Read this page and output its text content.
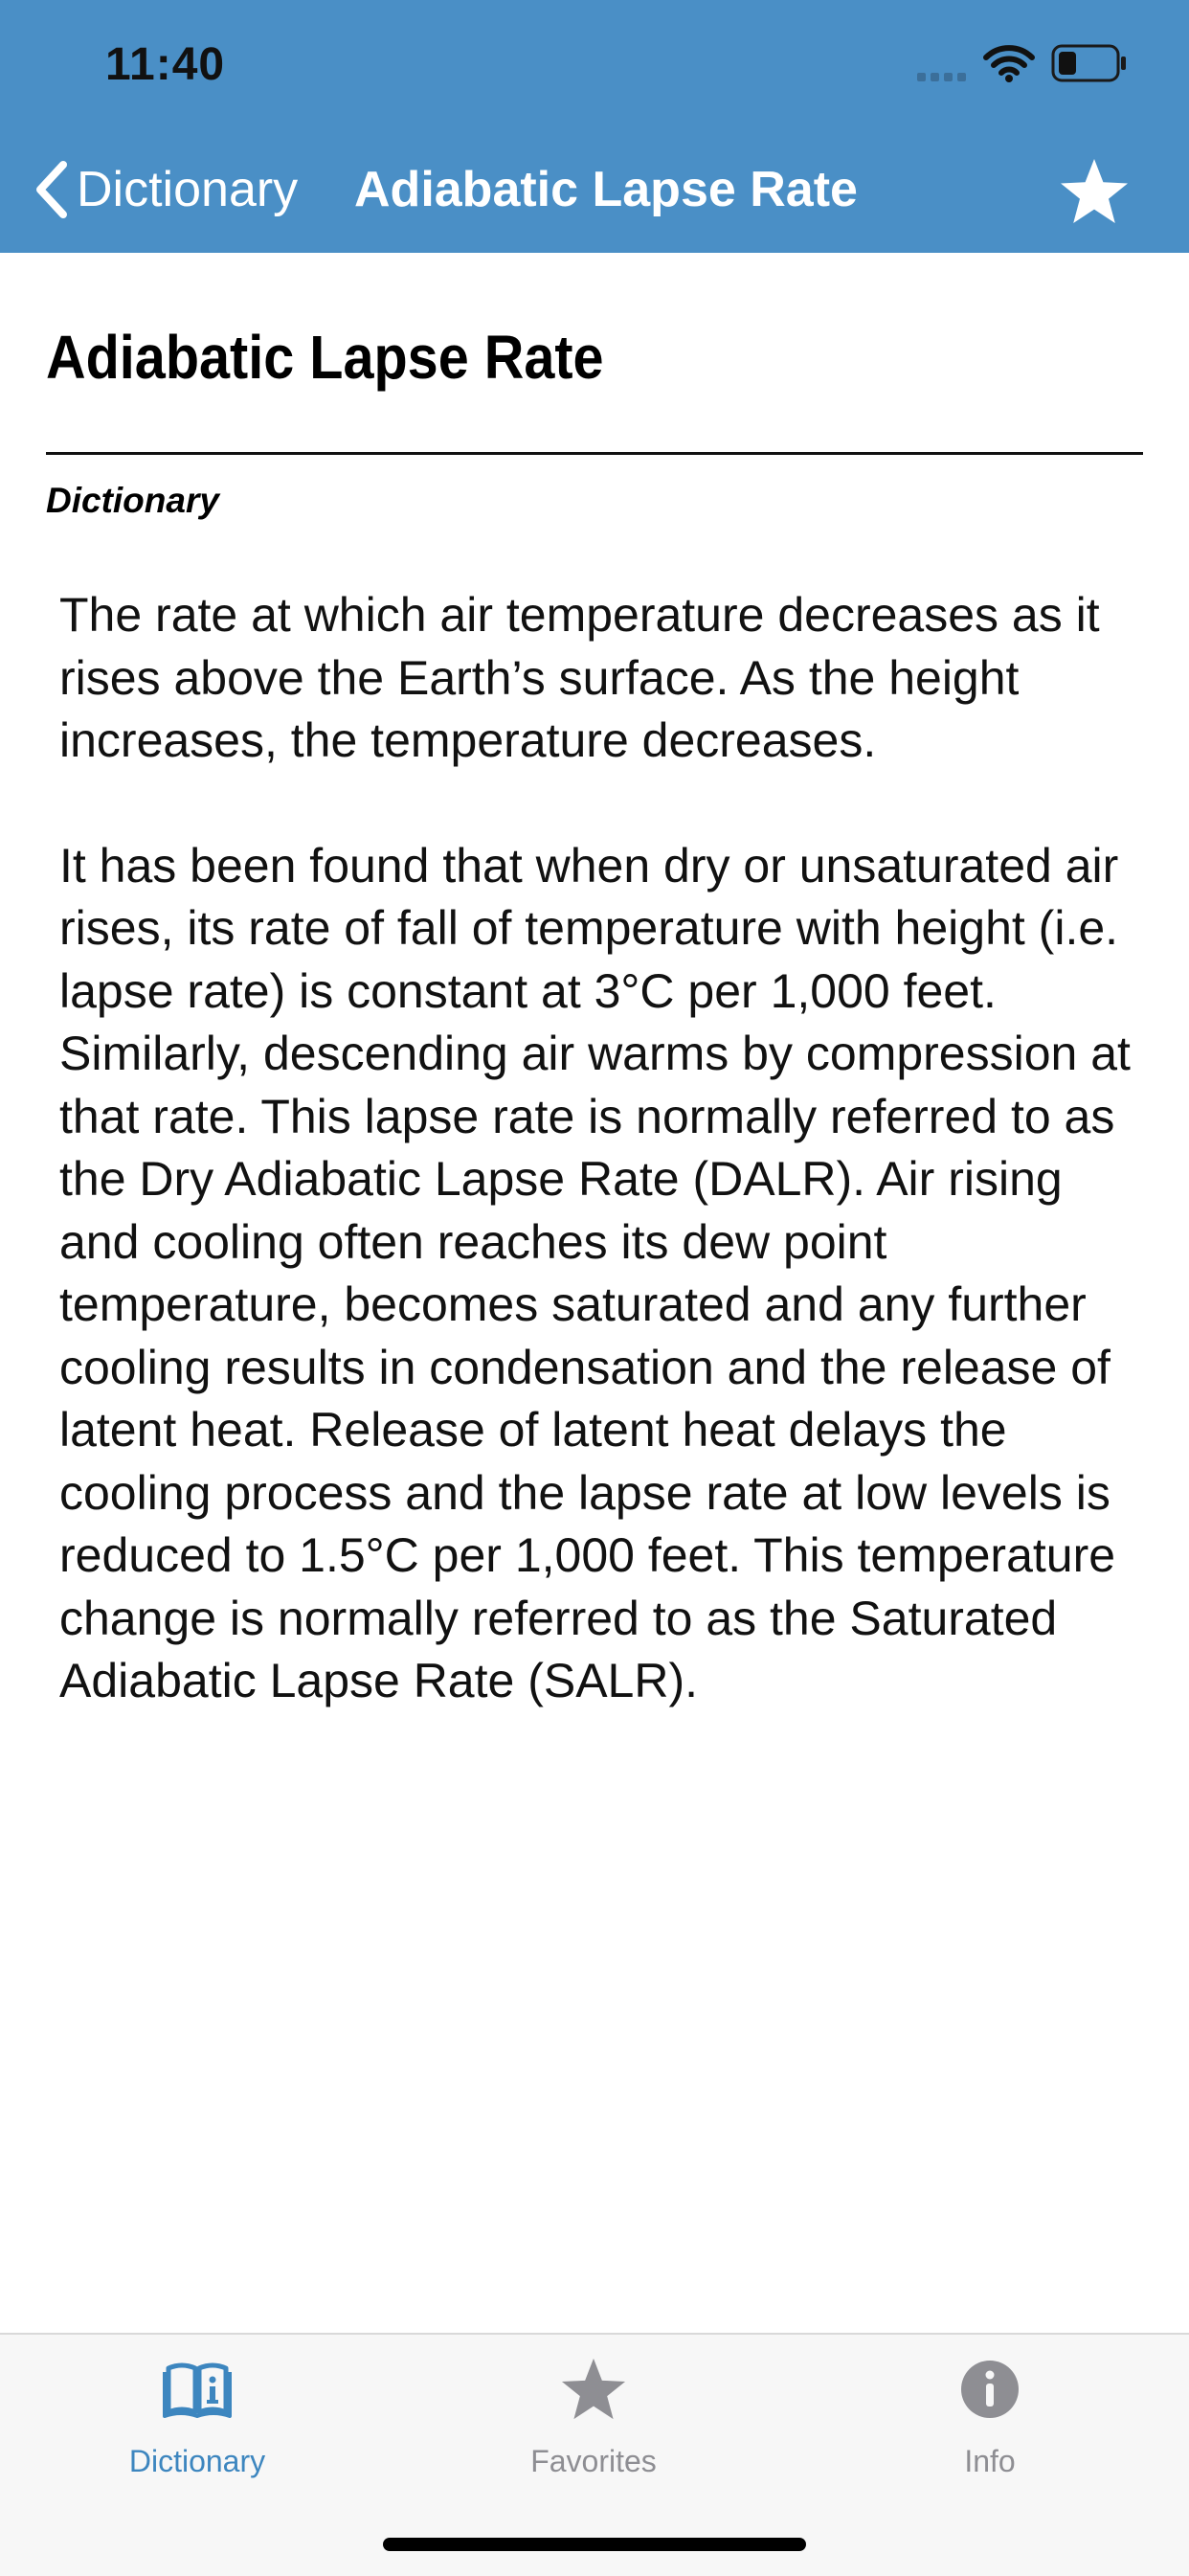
11:40
Dictionary Adiabatic Lapse Rate
Adiabatic Lapse Rate
Dictionary

The rate at which air temperature decreases as it rises above the Earth’s surface. As the height increases, the temperature decreases.

It has been found that when dry or unsaturated air rises, its rate of fall of temperature with height (i.e. lapse rate) is constant at 3°C per 1,000 feet. Similarly, descending air warms by compression at that rate. This lapse rate is normally referred to as the Dry Adiabatic Lapse Rate (DALR). Air rising and cooling often reaches its dew point temperature, becomes saturated and any further cooling results in condensation and the release of latent heat. Release of latent heat delays the cooling process and the lapse rate at low levels is reduced to 1.5°C per 1,000 feet. This temperature change is normally referred to as the Saturated Adiabatic Lapse Rate (SALR).

Dictionary	Favorites	Info
